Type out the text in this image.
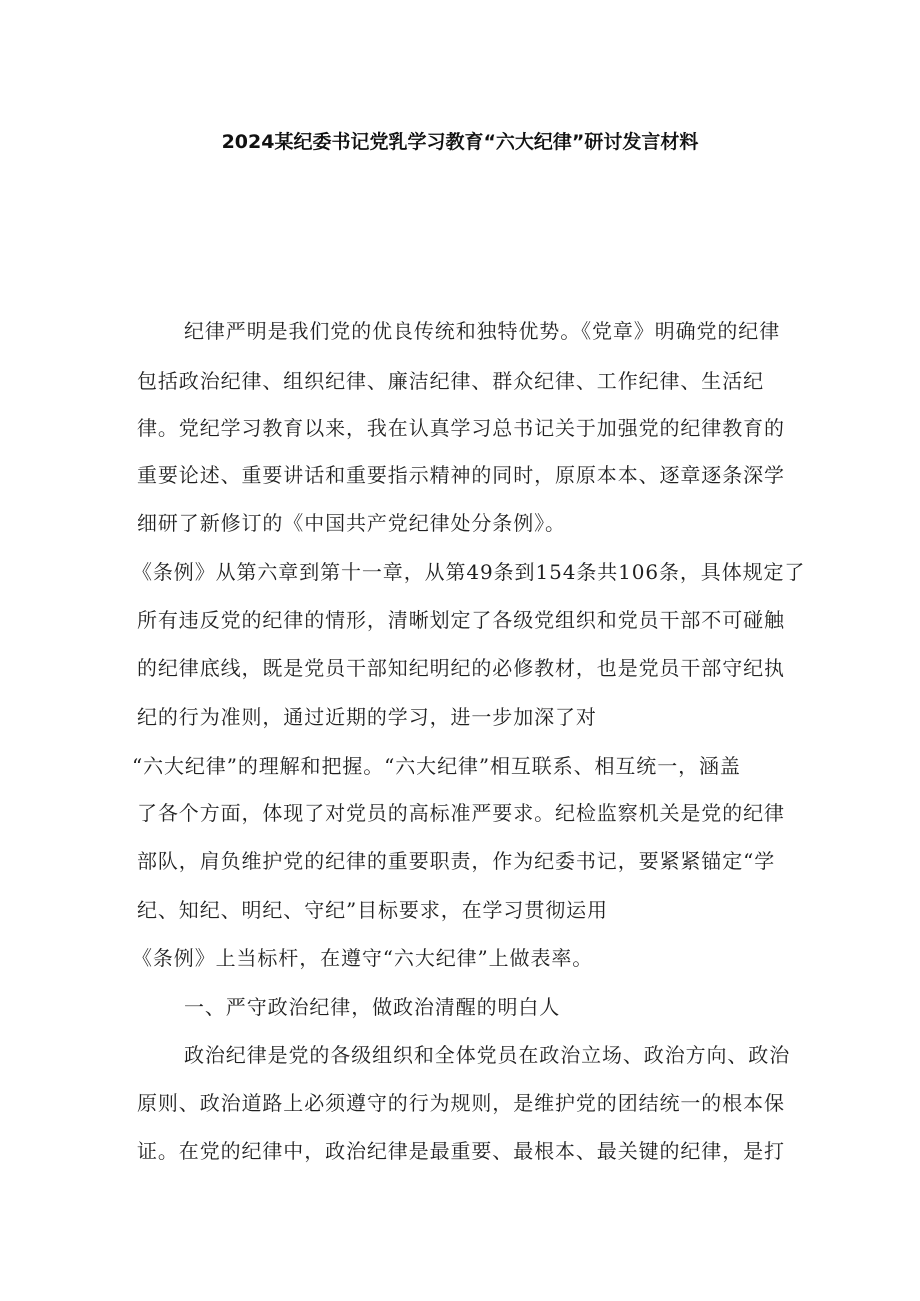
2024某纪委书记党乳学习教育“六大纪律”研讨发言材料
纪律严明是我们党的优良传统和独特优势。《党章》明确党的纪律
包括政治纪律、组织纪律、廉洁纪律、群众纪律、工作纪律、生活纪
律。党纪学习教育以来，我在认真学习总书记关于加强党的纪律教育的
重要论述、重要讲话和重要指示精神的同时，原原本本、逐章逐条深学
细研了新修订的《中国共产党纪律处分条例》。
《条例》从第六章到第十一章，从第49条到154条共106条，具体规定了
所有违反党的纪律的情形，清晰划定了各级党组织和党员干部不可碰触
的纪律底线，既是党员干部知纪明纪的必修教材，也是党员干部守纪执
纪的行为准则，通过近期的学习，进一步加深了对
“六大纪律”的理解和把握。“六大纪律”相互联系、相互统一，涵盖
了各个方面，体现了对党员的高标准严要求。纪检监察机关是党的纪律
部队，肩负维护党的纪律的重要职责，作为纪委书记，要紧紧锚定“学
纪、知纪、明纪、守纪”目标要求，在学习贯彻运用
《条例》上当标杆，在遵守“六大纪律”上做表率。
一、严守政治纪律，做政治清醒的明白人
政治纪律是党的各级组织和全体党员在政治立场、政治方向、政治
原则、政治道路上必须遵守的行为规则，是维护党的团结统一的根本保
证。在党的纪律中，政治纪律是最重要、最根本、最关键的纪律，是打
